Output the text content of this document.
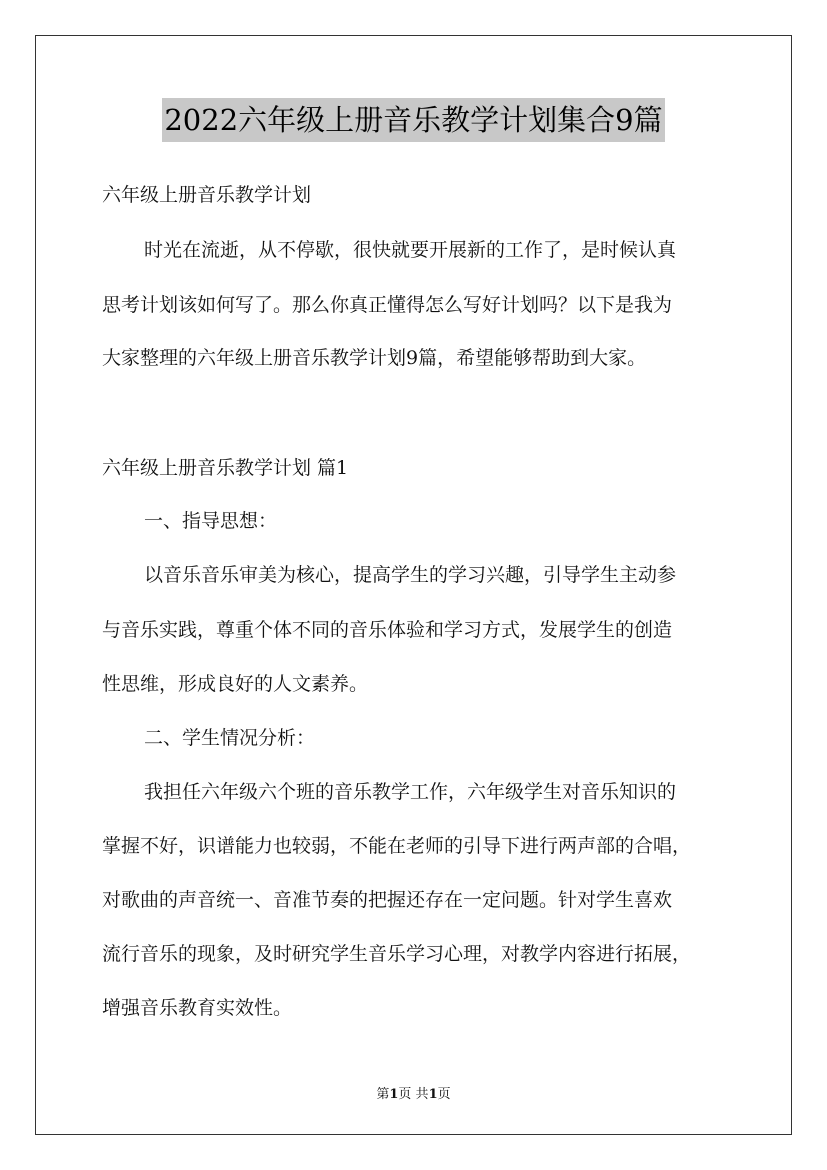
2022六年级上册音乐教学计划集合9篇
六年级上册音乐教学计划
时光在流逝，从不停歇，很快就要开展新的工作了，是时候认真
思考计划该如何写了。那么你真正懂得怎么写好计划吗？以下是我为
大家整理的六年级上册音乐教学计划9篇，希望能够帮助到大家。
六年级上册音乐教学计划 篇1
一、指导思想：
以音乐音乐审美为核心，提高学生的学习兴趣，引导学生主动参
与音乐实践，尊重个体不同的音乐体验和学习方式，发展学生的创造
性思维，形成良好的人文素养。
二、学生情况分析：
我担任六年级六个班的音乐教学工作，六年级学生对音乐知识的
掌握不好，识谱能力也较弱，不能在老师的引导下进行两声部的合唱，
对歌曲的声音统一、音准节奏的把握还存在一定问题。针对学生喜欢
流行音乐的现象，及时研究学生音乐学习心理，对教学内容进行拓展，
增强音乐教育实效性。
第1页 共1页
